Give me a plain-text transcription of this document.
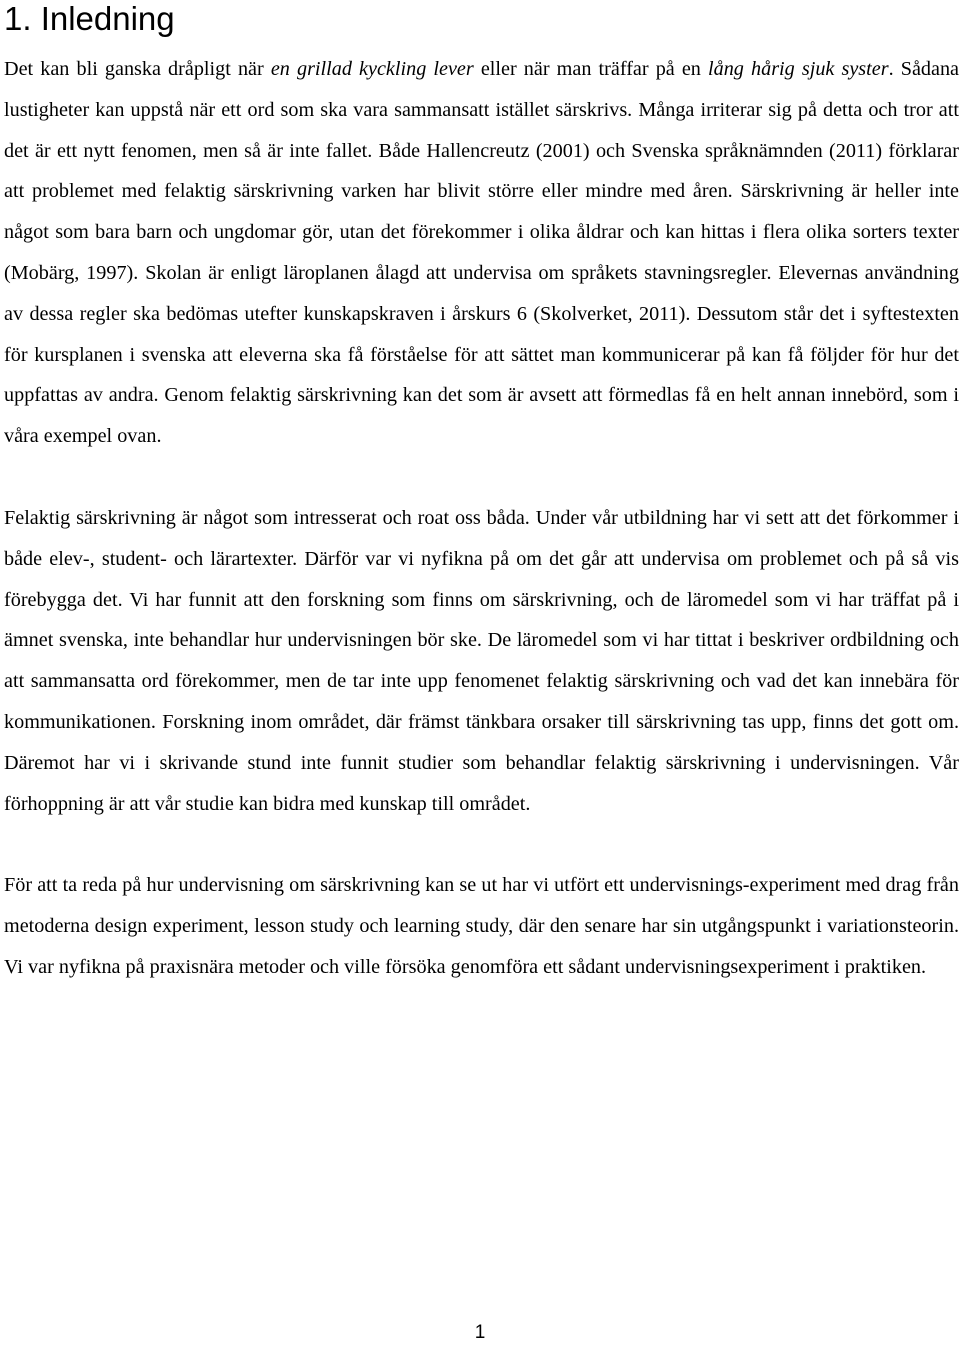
1. Inledning

Det kan bli ganska dråpligt när en grillad kyckling lever eller när man träffar på en lång hårig sjuk syster. Sådana lustigheter kan uppstå när ett ord som ska vara sammansatt istället särskrivs. Många irriterar sig på detta och tror att det är ett nytt fenomen, men så är inte fallet. Både Hallencreutz (2001) och Svenska språknämnden (2011) förklarar att problemet med felaktig särskrivning varken har blivit större eller mindre med åren. Särskrivning är heller inte något som bara barn och ungdomar gör, utan det förekommer i olika åldrar och kan hittas i flera olika sorters texter (Mobärg, 1997). Skolan är enligt läroplanen ålagd att undervisa om språkets stavningsregler. Elevernas användning av dessa regler ska bedömas utefter kunskapskraven i årskurs 6 (Skolverket, 2011). Dessutom står det i syftestexten för kursplanen i svenska att eleverna ska få förståelse för att sättet man kommunicerar på kan få följder för hur det uppfattas av andra. Genom felaktig särskrivning kan det som är avsett att förmedlas få en helt annan innebörd, som i våra exempel ovan.

Felaktig särskrivning är något som intresserat och roat oss båda. Under vår utbildning har vi sett att det förkommer i både elev-, student- och lärartexter. Därför var vi nyfikna på om det går att undervisa om problemet och på så vis förebygga det. Vi har funnit att den forskning som finns om särskrivning, och de läromedel som vi har träffat på i ämnet svenska, inte behandlar hur undervisningen bör ske. De läromedel som vi har tittat i beskriver ordbildning och att sammansatta ord förekommer, men de tar inte upp fenomenet felaktig särskrivning och vad det kan innebära för kommunikationen. Forskning inom området, där främst tänkbara orsaker till särskrivning tas upp, finns det gott om. Däremot har vi i skrivande stund inte funnit studier som behandlar felaktig särskrivning i undervisningen. Vår förhoppning är att vår studie kan bidra med kunskap till området.

För att ta reda på hur undervisning om särskrivning kan se ut har vi utfört ett undervisnings-experiment med drag från metoderna design experiment, lesson study och learning study, där den senare har sin utgångspunkt i variationsteorin. Vi var nyfikna på praxisnära metoder och ville försöka genomföra ett sådant undervisningsexperiment i praktiken.

1
